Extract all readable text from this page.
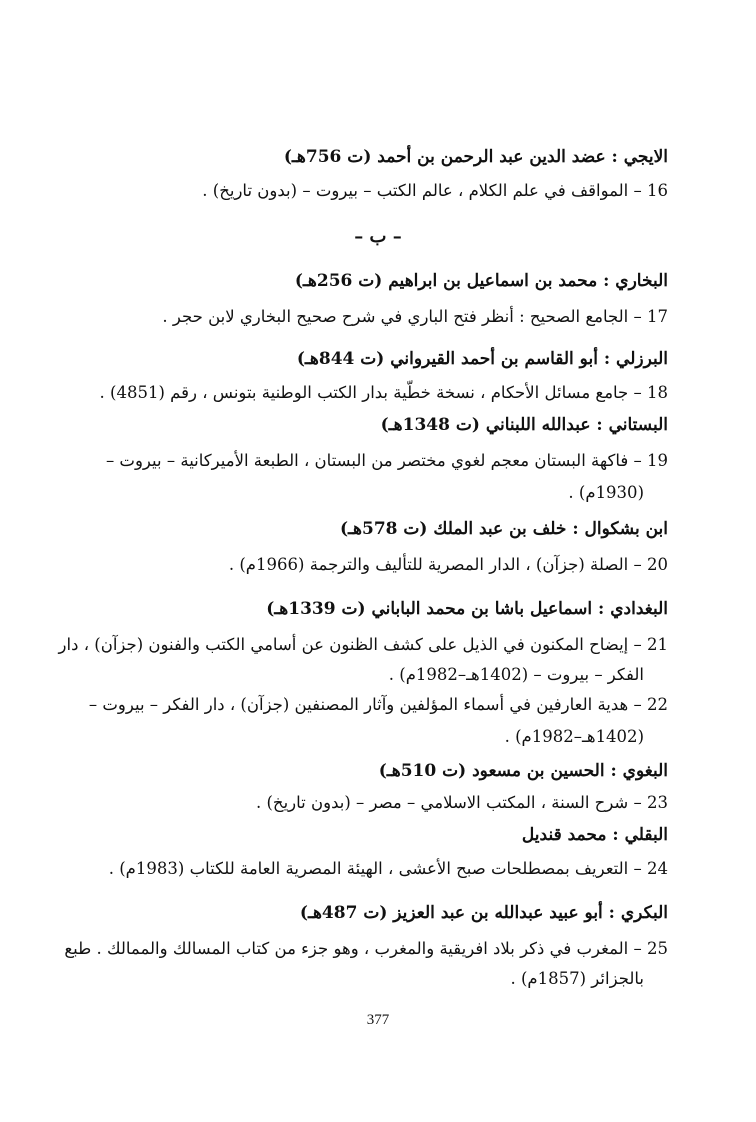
الايجي : عضد الدين عبد الرحمن بن أحمد (ت 756هـ)
16 – المواقف في علم الكلام ، عالم الكتب – بيروت – (بدون تاريخ) .
– ب –
البخاري : محمد بن اسماعيل بن ابراهيم (ت 256هـ)
17 – الجامع الصحيح : أنظر فتح الباري في شرح صحيح البخاري لابن حجر .
البرزلي : أبو القاسم بن أحمد القيرواني (ت 844هـ)
18 – جامع مسائل الأحكام ، نسخة خطّية بدار الكتب الوطنية بتونس ، رقم (4851) .
البستاني : عبدالله اللبناني (ت 1348هـ)
19 – فاكهة البستان معجم لغوي مختصر من البستان ، الطبعة الأميركانية – بيروت –
(1930م) .
ابن بشكوال : خلف بن عبد الملك (ت 578هـ)
20 – الصلة (جزآن) ، الدار المصرية للتأليف والترجمة (1966م) .
البغدادي : اسماعيل باشا بن محمد الباباني (ت 1339هـ)
21 – إيضاح المكنون في الذيل على كشف الظنون عن أسامي الكتب والفنون (جزآن) ، دار
الفكر – بيروت – (1402هـ–1982م) .
22 – هدية العارفين في أسماء المؤلفين وآثار المصنفين (جزآن) ، دار الفكر – بيروت –
(1402هـ–1982م) .
البغوي : الحسين بن مسعود (ت 510هـ)
23 – شرح السنة ، المكتب الاسلامي – مصر – (بدون تاريخ) .
البقلي : محمد قنديل
24 – التعريف بمصطلحات صبح الأعشى ، الهيئة المصرية العامة للكتاب (1983م) .
البكري : أبو عبيد عبدالله بن عبد العزيز (ت 487هـ)
25 – المغرب في ذكر بلاد افريقية والمغرب ، وهو جزء من كتاب المسالك والممالك . طبع
بالجزائر (1857م) .
377
